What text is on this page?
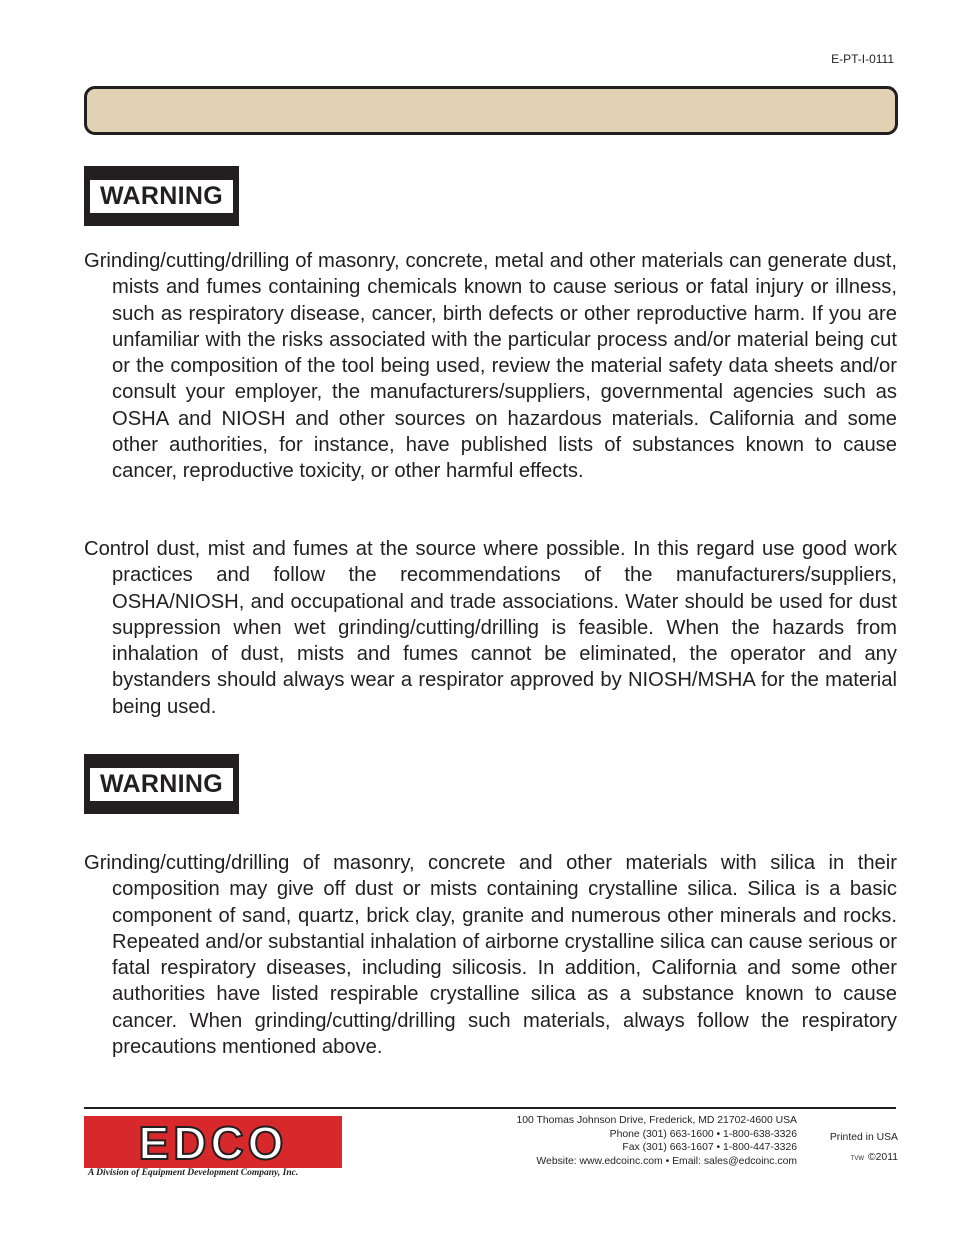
E-PT-I-0111
WARNING

Grinding/cutting/drilling of masonry, concrete, metal and other materials can generate dust, mists and fumes containing chemicals known to cause serious or fatal injury or illness, such as respiratory disease, cancer, birth defects or other reproductive harm. If you are unfamiliar with the risks associated with the particular process and/or material being cut or the composition of the tool being used, review the material safety data sheets and/or consult your employer, the manufacturers/suppliers, governmental agencies such as OSHA and NIOSH and other sources on hazardous materials. California and some other authorities, for instance, have published lists of substances known to cause cancer, reproductive toxicity, or other harmful effects.

Control dust, mist and fumes at the source where possible. In this regard use good work practices and follow the recommendations of the manufacturers/suppliers, OSHA/NIOSH, and occupational and trade associations. Water should be used for dust suppression when wet grinding/cutting/drilling is feasible. When the hazards from inhalation of dust, mists and fumes cannot be eliminated, the operator and any bystanders should always wear a respirator approved by NIOSH/MSHA for the material being used.

WARNING

Grinding/cutting/drilling of masonry, concrete and other materials with silica in their composition may give off dust or mists containing crystalline silica. Silica is a basic component of sand, quartz, brick clay, granite and numerous other minerals and rocks. Repeated and/or substantial inhalation of airborne crystalline silica can cause serious or fatal respiratory diseases, including silicosis. In addition, California and some other authorities have listed respirable crystalline silica as a substance known to cause cancer. When grinding/cutting/drilling such materials, always follow the respiratory precautions mentioned above.

EDCO
A Division of Equipment Development Company, Inc.
100 Thomas Johnson Drive, Frederick, MD 21702-4600 USA
Phone (301) 663-1600 • 1-800-638-3326
Fax (301) 663-1607 • 1-800-447-3326
Website: www.edcoinc.com • Email: sales@edcoinc.com
Printed in USA
TVW ©2011
